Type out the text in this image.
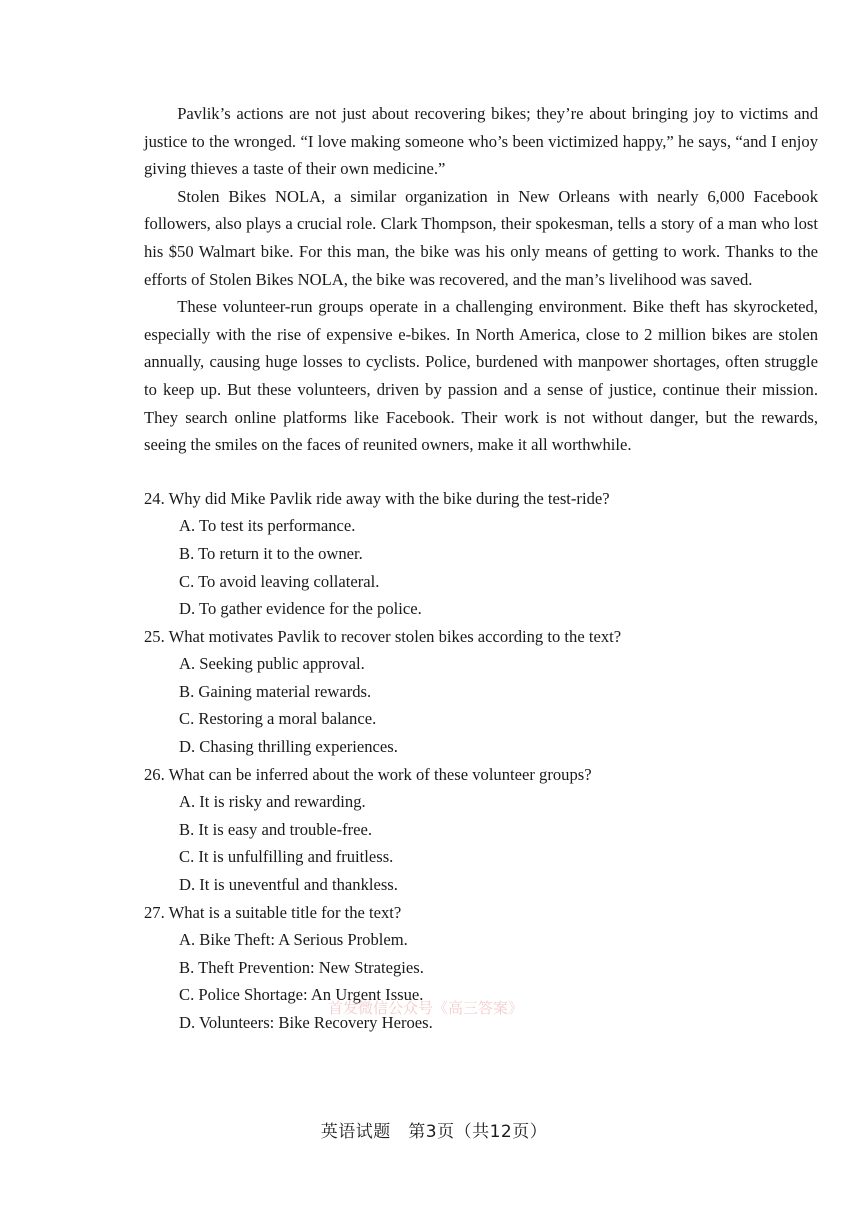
Pavlik’s actions are not just about recovering bikes; they’re about bringing joy to victims and justice to the wronged. “I love making someone who’s been victimized happy,” he says, “and I enjoy giving thieves a taste of their own medicine.”

Stolen Bikes NOLA, a similar organization in New Orleans with nearly 6,000 Facebook followers, also plays a crucial role. Clark Thompson, their spokesman, tells a story of a man who lost his $50 Walmart bike. For this man, the bike was his only means of getting to work. Thanks to the efforts of Stolen Bikes NOLA, the bike was recovered, and the man’s livelihood was saved.

These volunteer-run groups operate in a challenging environment. Bike theft has skyrocketed, especially with the rise of expensive e-bikes. In North America, close to 2 million bikes are stolen annually, causing huge losses to cyclists. Police, burdened with manpower shortages, often struggle to keep up. But these volunteers, driven by passion and a sense of justice, continue their mission. They search online platforms like Facebook. Their work is not without danger, but the rewards, seeing the smiles on the faces of reunited owners, make it all worthwhile.

24. Why did Mike Pavlik ride away with the bike during the test-ride?

A. To test its performance.
B. To return it to the owner.
C. To avoid leaving collateral.
D. To gather evidence for the police.

25. What motivates Pavlik to recover stolen bikes according to the text?

A. Seeking public approval.
B. Gaining material rewards.
C. Restoring a moral balance.
D. Chasing thrilling experiences.

26. What can be inferred about the work of these volunteer groups?

A. It is risky and rewarding.
B. It is easy and trouble-free.
C. It is unfulfilling and fruitless.
D. It is uneventful and thankless.

27. What is a suitable title for the text?

A. Bike Theft: A Serious Problem.
B. Theft Prevention: New Strategies.
C. Police Shortage: An Urgent Issue.
D. Volunteers: Bike Recovery Heroes.
首发微信公众号《高三答案》
英语试题　第3页（共12页）
